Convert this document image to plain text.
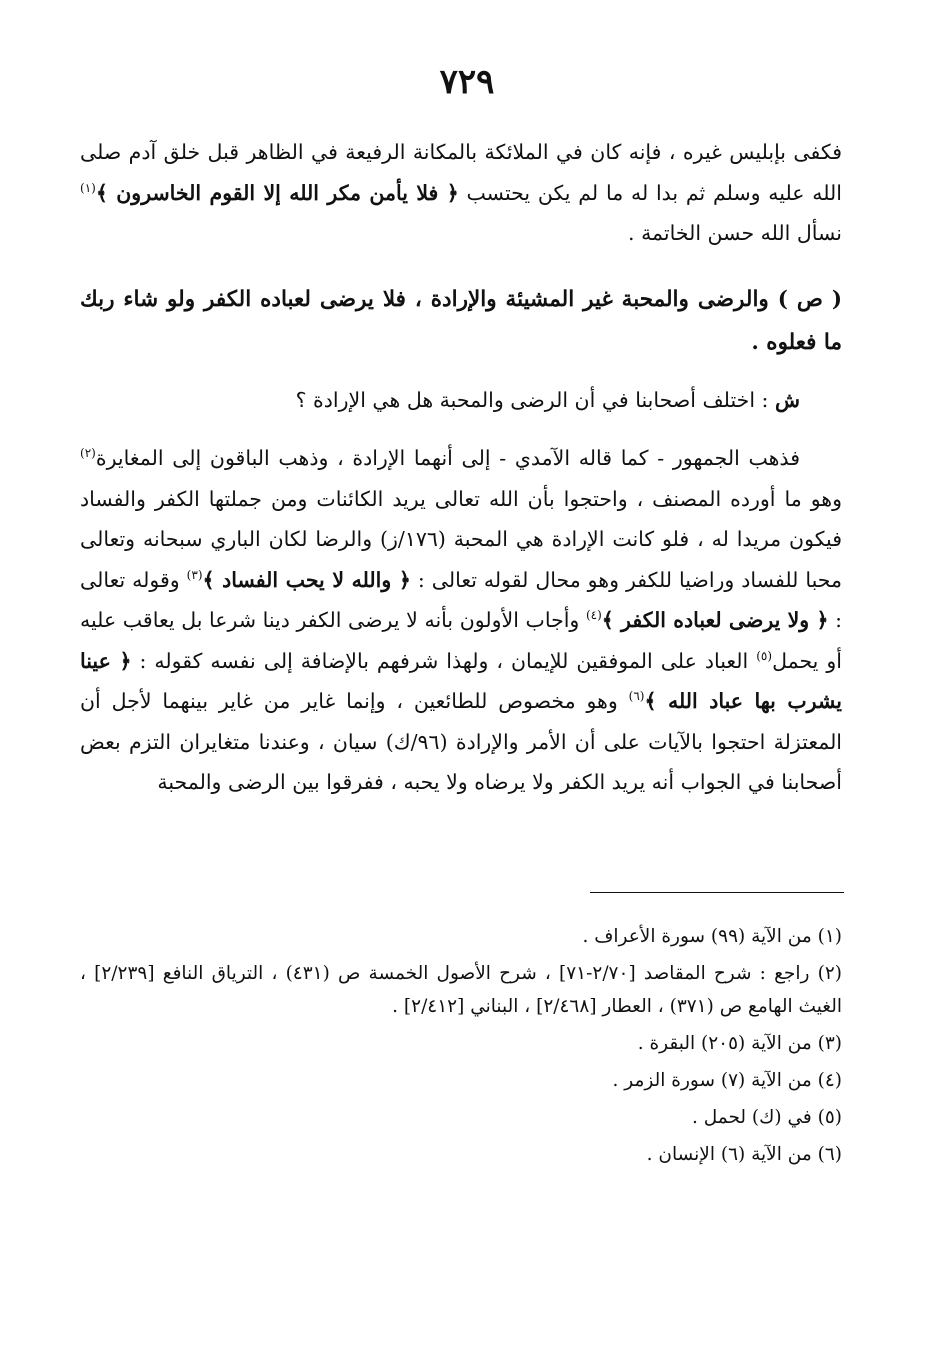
٧٢٩
فكفى بإبليس غيره ، فإنه كان في الملائكة بالمكانة الرفيعة في الظاهر قبل خلق آدم صلى الله عليه وسلم ثم بدا له ما لم يكن يحتسب ﴿ فلا يأمن مكر الله إلا القوم الخاسرون ﴾$^{(١)}$ نسأل الله حسن الخاتمة .
( ص ) والرضى والمحبة غير المشيئة والإرادة ، فلا يرضى لعباده الكفر ولو شاء ربك ما فعلوه .
ش : اختلف أصحابنا في أن الرضى والمحبة هل هي الإرادة ؟
فذهب الجمهور - كما قاله الآمدي - إلى أنهما الإرادة ، وذهب الباقون إلى المغايرة$^{(٢)}$ وهو ما أورده المصنف ، واحتجوا بأن الله تعالى يريد الكائنات ومن جملتها الكفر والفساد فيكون مريدا له ، فلو كانت الإرادة هي المحبة (١٧٦/ز) والرضا لكان الباري سبحانه وتعالى محبا للفساد وراضيا للكفر وهو محال لقوله تعالى : ﴿ والله لا يحب الفساد ﴾$^{(٣)}$ وقوله تعالى : ﴿ ولا يرضى لعباده الكفر ﴾$^{(٤)}$ وأجاب الأولون بأنه لا يرضى الكفر دينا شرعا بل يعاقب عليه أو يحمل$^{(٥)}$ العباد على الموفقين للإيمان ، ولهذا شرفهم بالإضافة إلى نفسه كقوله : ﴿ عينا يشرب بها عباد الله ﴾$^{(٦)}$ وهو مخصوص للطائعين ، وإنما غاير من غاير بينهما لأجل أن المعتزلة احتجوا بالآيات على أن الأمر والإرادة (٩٦/ك) سيان ، وعندنا متغايران التزم بعض أصحابنا في الجواب أنه يريد الكفر ولا يرضاه ولا يحبه ، ففرقوا بين الرضى والمحبة
(١) من الآية (٩٩) سورة الأعراف .
(٢) راجع : شرح المقاصد [٢/٧٠-٧١] ، شرح الأصول الخمسة ص (٤٣١) ، الترياق النافع [٢/٢٣٩] ، الغيث الهامع ص (٣٧١) ، العطار [٢/٤٦٨] ، البناني [٢/٤١٢] .
(٣) من الآية (٢٠٥) البقرة .
(٤) من الآية (٧) سورة الزمر .
(٥) في (ك) لحمل .
(٦) من الآية (٦) الإنسان .
